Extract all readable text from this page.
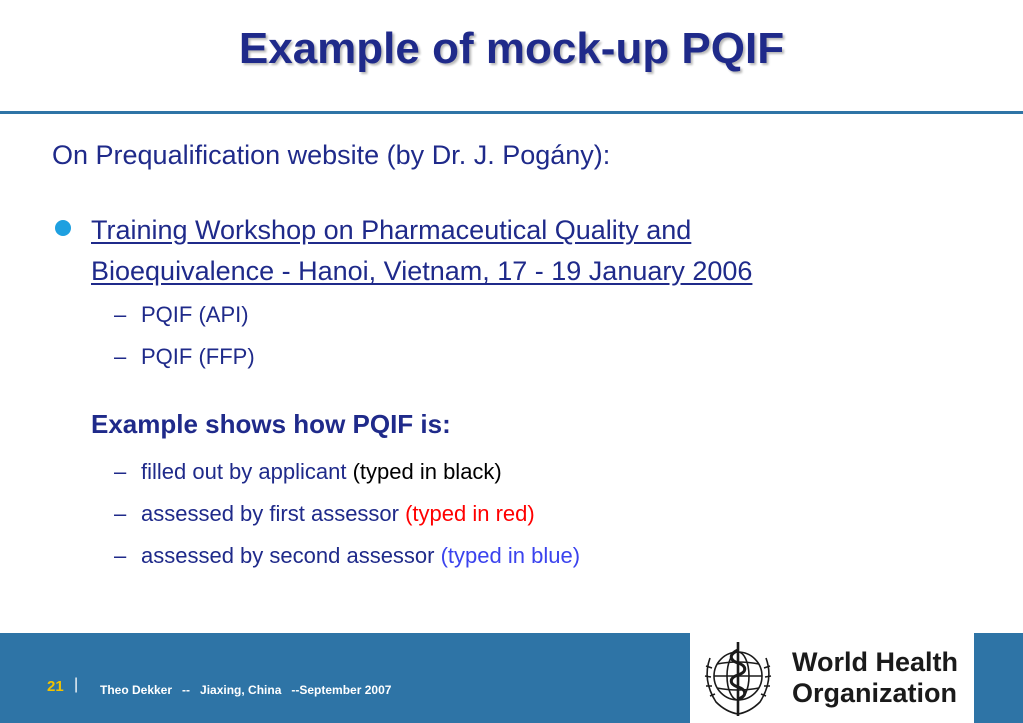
Example of mock-up PQIF
On Prequalification website (by Dr. J. Pogány):
Training Workshop on Pharmaceutical Quality and
Bioequivalence - Hanoi, Vietnam, 17 - 19 January 2006
– PQIF (API)
– PQIF (FFP)
Example shows how PQIF is:
– filled out by applicant (typed in black)
– assessed by first assessor (typed in red)
– assessed by second assessor (typed in blue)
21 | Theo Dekker   --   Jiaxing, China   --September 2007
World Health
Organization
